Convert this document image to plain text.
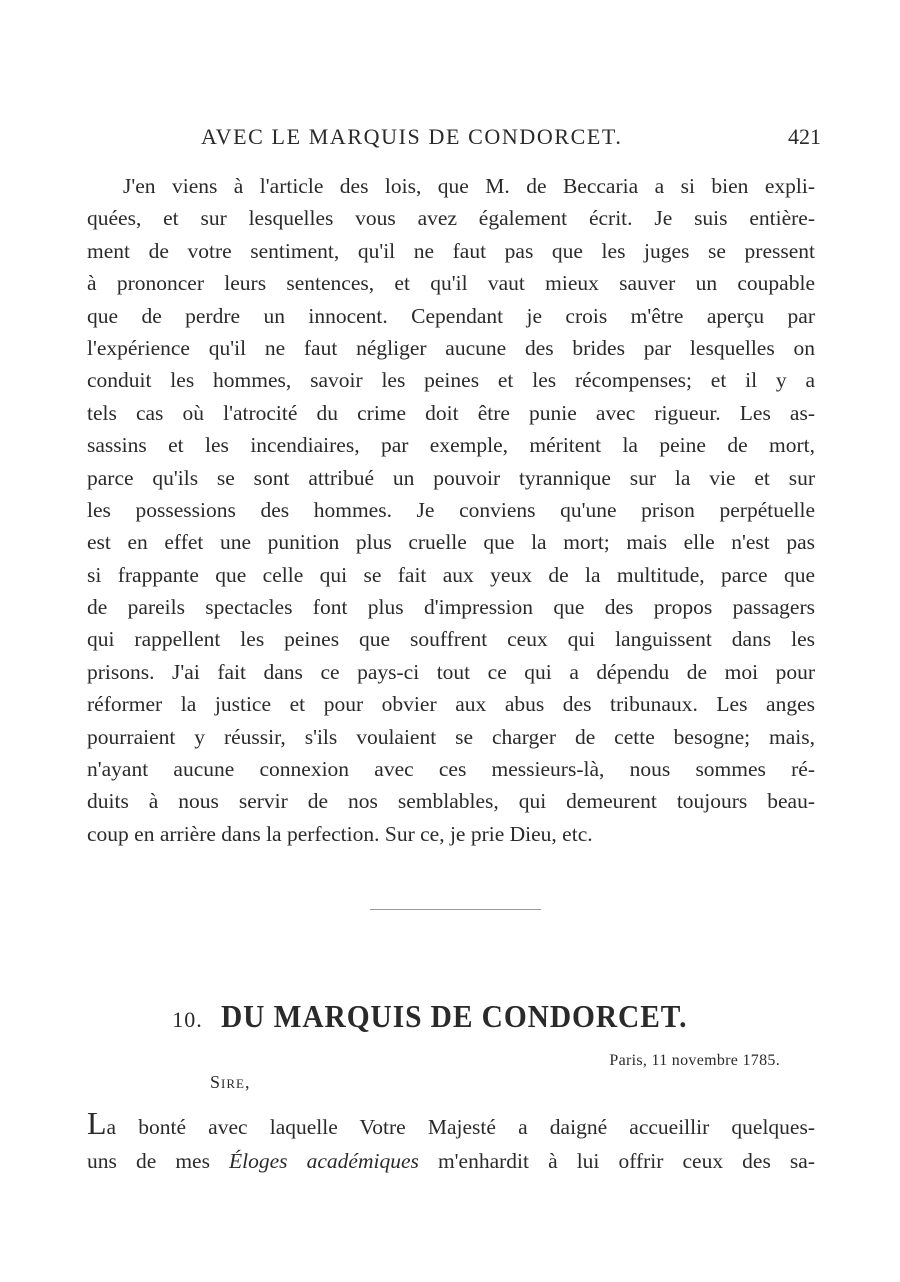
AVEC LE MARQUIS DE CONDORCET.	421
J'en viens à l'article des lois, que M. de Beccaria a si bien expli-
quées, et sur lesquelles vous avez également écrit. Je suis entière-
ment de votre sentiment, qu'il ne faut pas que les juges se pressent
à prononcer leurs sentences, et qu'il vaut mieux sauver un coupable
que de perdre un innocent. Cependant je crois m'être aperçu par
l'expérience qu'il ne faut négliger aucune des brides par lesquelles on
conduit les hommes, savoir les peines et les récompenses; et il y a
tels cas où l'atrocité du crime doit être punie avec rigueur. Les as-
sassins et les incendiaires, par exemple, méritent la peine de mort,
parce qu'ils se sont attribué un pouvoir tyrannique sur la vie et sur
les possessions des hommes. Je conviens qu'une prison perpétuelle
est en effet une punition plus cruelle que la mort; mais elle n'est pas
si frappante que celle qui se fait aux yeux de la multitude, parce que
de pareils spectacles font plus d'impression que des propos passagers
qui rappellent les peines que souffrent ceux qui languissent dans les
prisons. J'ai fait dans ce pays-ci tout ce qui a dépendu de moi pour
réformer la justice et pour obvier aux abus des tribunaux. Les anges
pourraient y réussir, s'ils voulaient se charger de cette besogne; mais,
n'ayant aucune connexion avec ces messieurs-là, nous sommes ré-
duits à nous servir de nos semblables, qui demeurent toujours beau-
coup en arrière dans la perfection. Sur ce, je prie Dieu, etc.
10. DU MARQUIS DE CONDORCET.
Paris, 11 novembre 1785.
Sire,
La bonté avec laquelle Votre Majesté a daigné accueillir quelques-
uns de mes Éloges académiques m'enhardit à lui offrir ceux des sa-
